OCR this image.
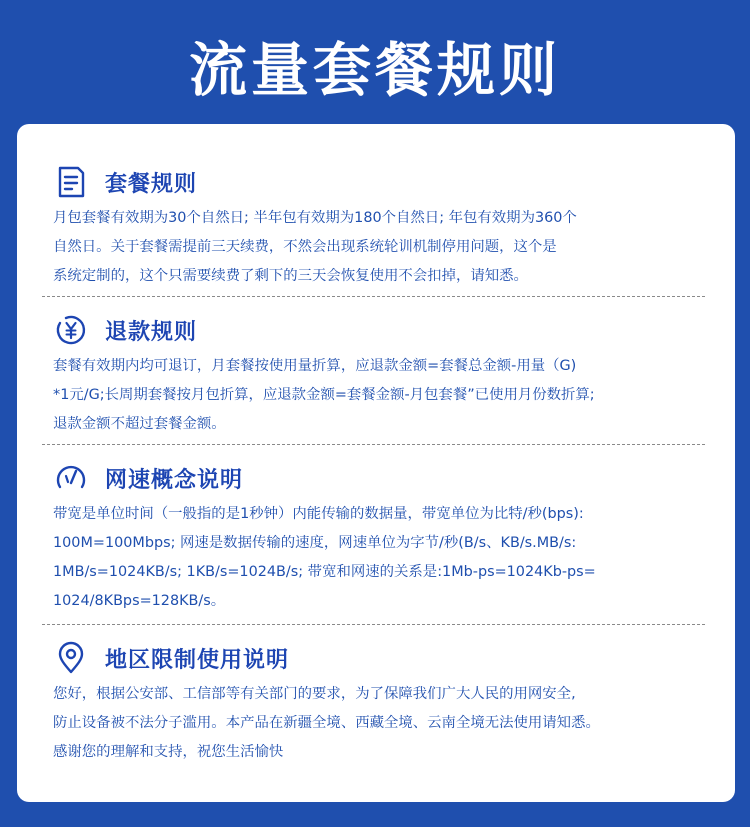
流量套餐规则
套餐规则
月包套餐有效期为30个自然日; 半年包有效期为180个自然日; 年包有效期为360个
自然日。关于套餐需提前三天续费，不然会出现系统轮训机制停用问题，这个是
系统定制的，这个只需要续费了剩下的三天会恢复使用不会扣掉，请知悉。
退款规则
套餐有效期内均可退订，月套餐按使用量折算，应退款金额=套餐总金额-用量（G)
*1元/G;长周期套餐按月包折算，应退款金额=套餐金额-月包套餐”已使用月份数折算;
退款金额不超过套餐金额。
网速概念说明
带宽是单位时间（一般指的是1秒钟）内能传输的数据量，带宽单位为比特/秒(bps):
100M=100Mbps; 网速是数据传输的速度，网速单位为字节/秒(B/s、KB/s.MB/s:
1MB/s=1024KB/s; 1KB/s=1024B/s; 带宽和网速的关系是:1Mb-ps=1024Kb-ps=
1024/8KBps=128KB/s。
地区限制使用说明
您好，根据公安部、工信部等有关部门的要求，为了保障我们广大人民的用网安全,
防止设备被不法分子滥用。本产品在新疆全境、西藏全境、云南全境无法使用请知悉。
感谢您的理解和支持，祝您生活愉快
